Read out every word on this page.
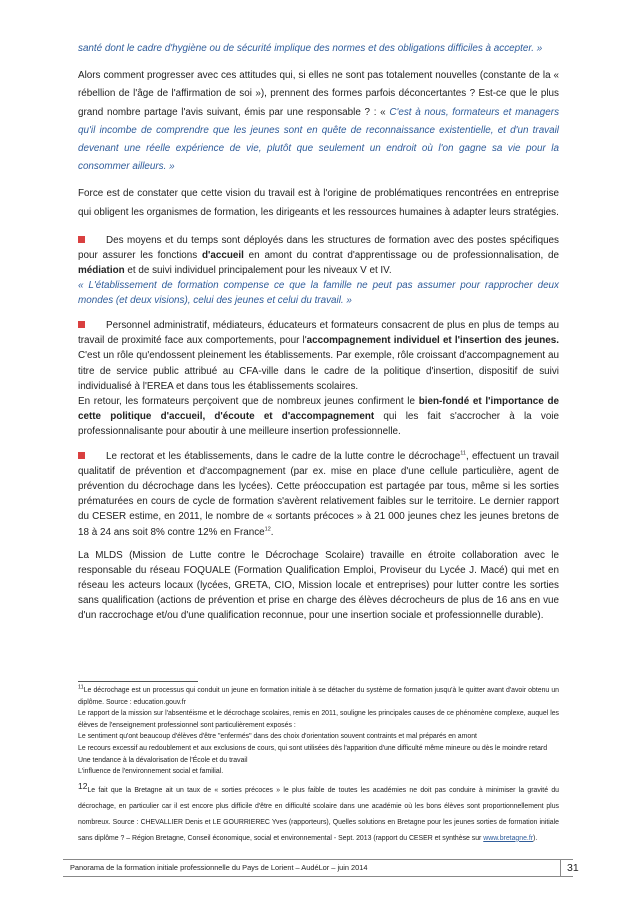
santé dont le cadre d'hygiène ou de sécurité implique des normes et des obligations difficiles à accepter. »

Alors comment progresser avec ces attitudes qui, si elles ne sont pas totalement nouvelles (constante de la « rébellion de l'âge de l'affirmation de soi »), prennent des formes parfois déconcertantes ? Est-ce que le plus grand nombre partage l'avis suivant, émis par une responsable ? : « C'est à nous, formateurs et managers qu'il incombe de comprendre que les jeunes sont en quête de reconnaissance existentielle, et d'un travail devenant une réelle expérience de vie, plutôt que seulement un endroit où l'on gagne sa vie pour la consommer ailleurs. »

Force est de constater que cette vision du travail est à l'origine de problématiques rencontrées en entreprise qui obligent les organismes de formation, les dirigeants et les ressources humaines à adapter leurs stratégies.

Des moyens et du temps sont déployés dans les structures de formation avec des postes spécifiques pour assurer les fonctions d'accueil en amont du contrat d'apprentissage ou de professionnalisation, de médiation et de suivi individuel principalement pour les niveaux V et IV.
« L'établissement de formation compense ce que la famille ne peut pas assumer pour rapprocher deux mondes (et deux visions), celui des jeunes et celui du travail. »

Personnel administratif, médiateurs, éducateurs et formateurs consacrent de plus en plus de temps au travail de proximité face aux comportements, pour l'accompagnement individuel et l'insertion des jeunes. C'est un rôle qu'endossent pleinement les établissements. Par exemple, rôle croissant d'accompagnement au titre de service public attribué au CFA-ville dans le cadre de la politique d'insertion, dispositif de suivi individualisé à l'EREA et dans tous les établissements scolaires.
En retour, les formateurs perçoivent que de nombreux jeunes confirment le bien-fondé et l'importance de cette politique d'accueil, d'écoute et d'accompagnement qui les fait s'accrocher à la voie professionnalisante pour aboutir à une meilleure insertion professionnelle.

Le rectorat et les établissements, dans le cadre de la lutte contre le décrochage$^{11}$, effectuent un travail qualitatif de prévention et d'accompagnement (par ex. mise en place d'une cellule particulière, agent de prévention du décrochage dans les lycées). Cette préoccupation est partagée par tous, même si les sorties prématurées en cours de cycle de formation s'avèrent relativement faibles sur le territoire. Le dernier rapport du CESER estime, en 2011, le nombre de « sortants précoces » à 21 000 jeunes chez les jeunes bretons de 18 à 24 ans soit 8% contre 12% en France$^{12}$.

La MLDS (Mission de Lutte contre le Décrochage Scolaire) travaille en étroite collaboration avec le responsable du réseau FOQUALE (Formation Qualification Emploi, Proviseur du Lycée J. Macé) qui met en réseau les acteurs locaux (lycées, GRETA, CIO, Mission locale et entreprises) pour lutter contre les sorties sans qualification (actions de prévention et prise en charge des élèves décrocheurs de plus de 16 ans en vue d'un raccrochage et/ou d'une qualification reconnue, pour une insertion sociale et professionnelle durable).

$^{11}$Le décrochage est un processus qui conduit un jeune en formation initiale à se détacher du système de formation jusqu'à le quitter avant d'avoir obtenu un diplôme. Source : education.gouv.fr

Le rapport de la mission sur l'absentéisme et le décrochage scolaires, remis en 2011, souligne les principales causes de ce phénomène complexe, auquel les élèves de l'enseignement professionnel sont particulièrement exposés :

Le sentiment qu'ont beaucoup d'élèves d'être "enfermés" dans des choix d'orientation souvent contraints et mal préparés en amont

Le recours excessif au redoublement et aux exclusions de cours, qui sont utilisées dès l'apparition d'une difficulté même mineure ou dès le moindre retard

Une tendance à la dévalorisation de l'École et du travail

L'influence de l'environnement social et familial.

12Le fait que la Bretagne ait un taux de « sorties précoces » le plus faible de toutes les académies ne doit pas conduire à minimiser la gravité du décrochage, en particulier car il est encore plus difficile d'être en difficulté scolaire dans une académie où les bons élèves sont proportionnellement plus nombreux. Source : CHEVALLIER Denis et LE GOURRIEREC Yves (rapporteurs), Quelles solutions en Bretagne pour les jeunes sorties de formation initiale sans diplôme ? – Région Bretagne, Conseil économique, social et environnemental - Sept. 2013 (rapport du CESER et synthèse sur www.bretagne.fr).

Panorama de la formation initiale professionnelle du Pays de Lorient – AudéLor – juin 2014	31
